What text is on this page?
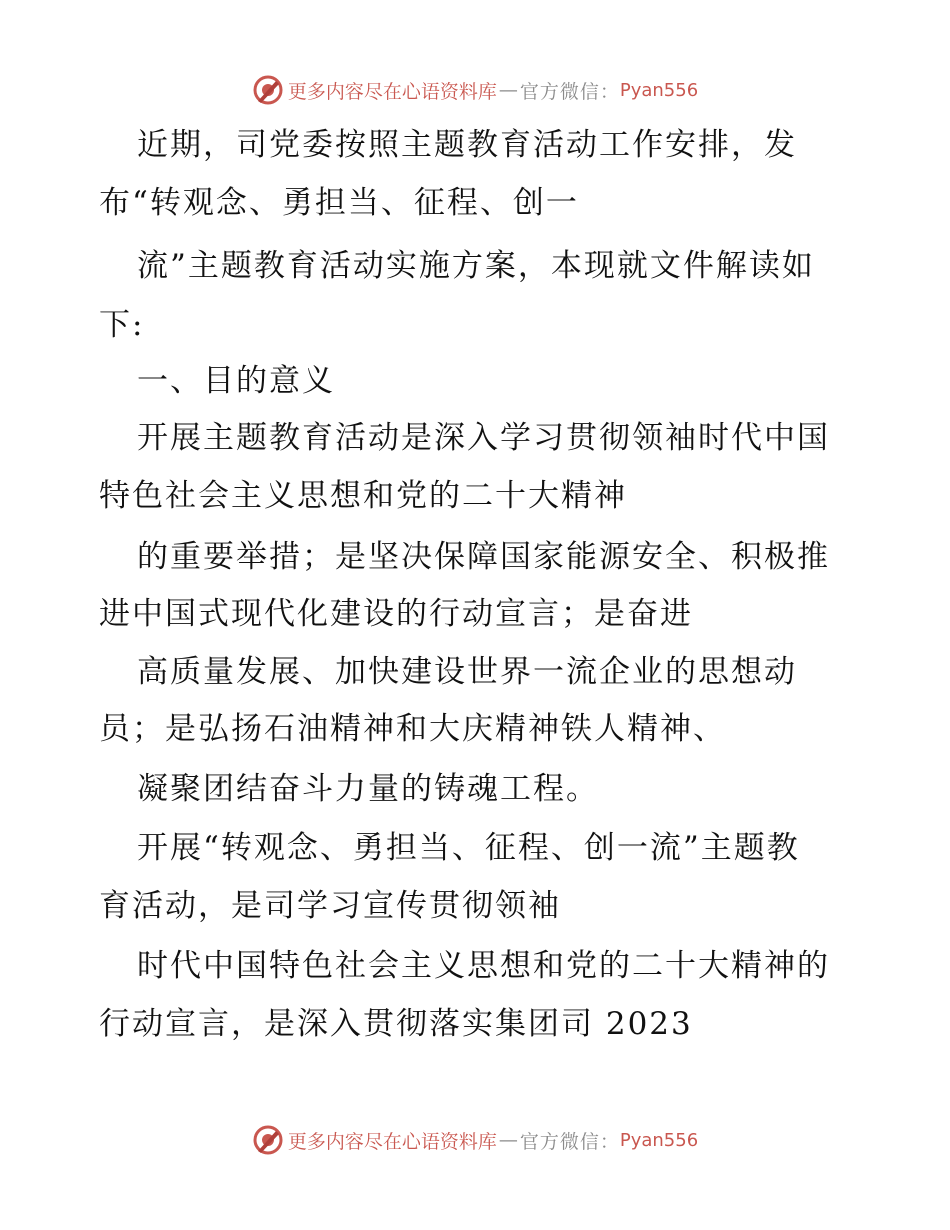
更多内容尽在心语资料库 — 官方微信： Pyan556
近期，司党委按照主题教育活动工作安排，发
布“转观念、勇担当、征程、创一
流”主题教育活动实施方案，本现就文件解读如
下:
一、目的意义
开展主题教育活动是深入学习贯彻领袖时代中国
特色社会主义思想和党的二十大精神
的重要举措；是坚决保障国家能源安全、积极推
进中国式现代化建设的行动宣言；是奋进
高质量发展、加快建设世界一流企业的思想动
员；是弘扬石油精神和大庆精神铁人精神、
凝聚团结奋斗力量的铸魂工程。
开展“转观念、勇担当、征程、创一流”主题教
育活动，是司学习宣传贯彻领袖
时代中国特色社会主义思想和党的二十大精神的
行动宣言，是深入贯彻落实集团司 2023
更多内容尽在心语资料库 — 官方微信： Pyan556
